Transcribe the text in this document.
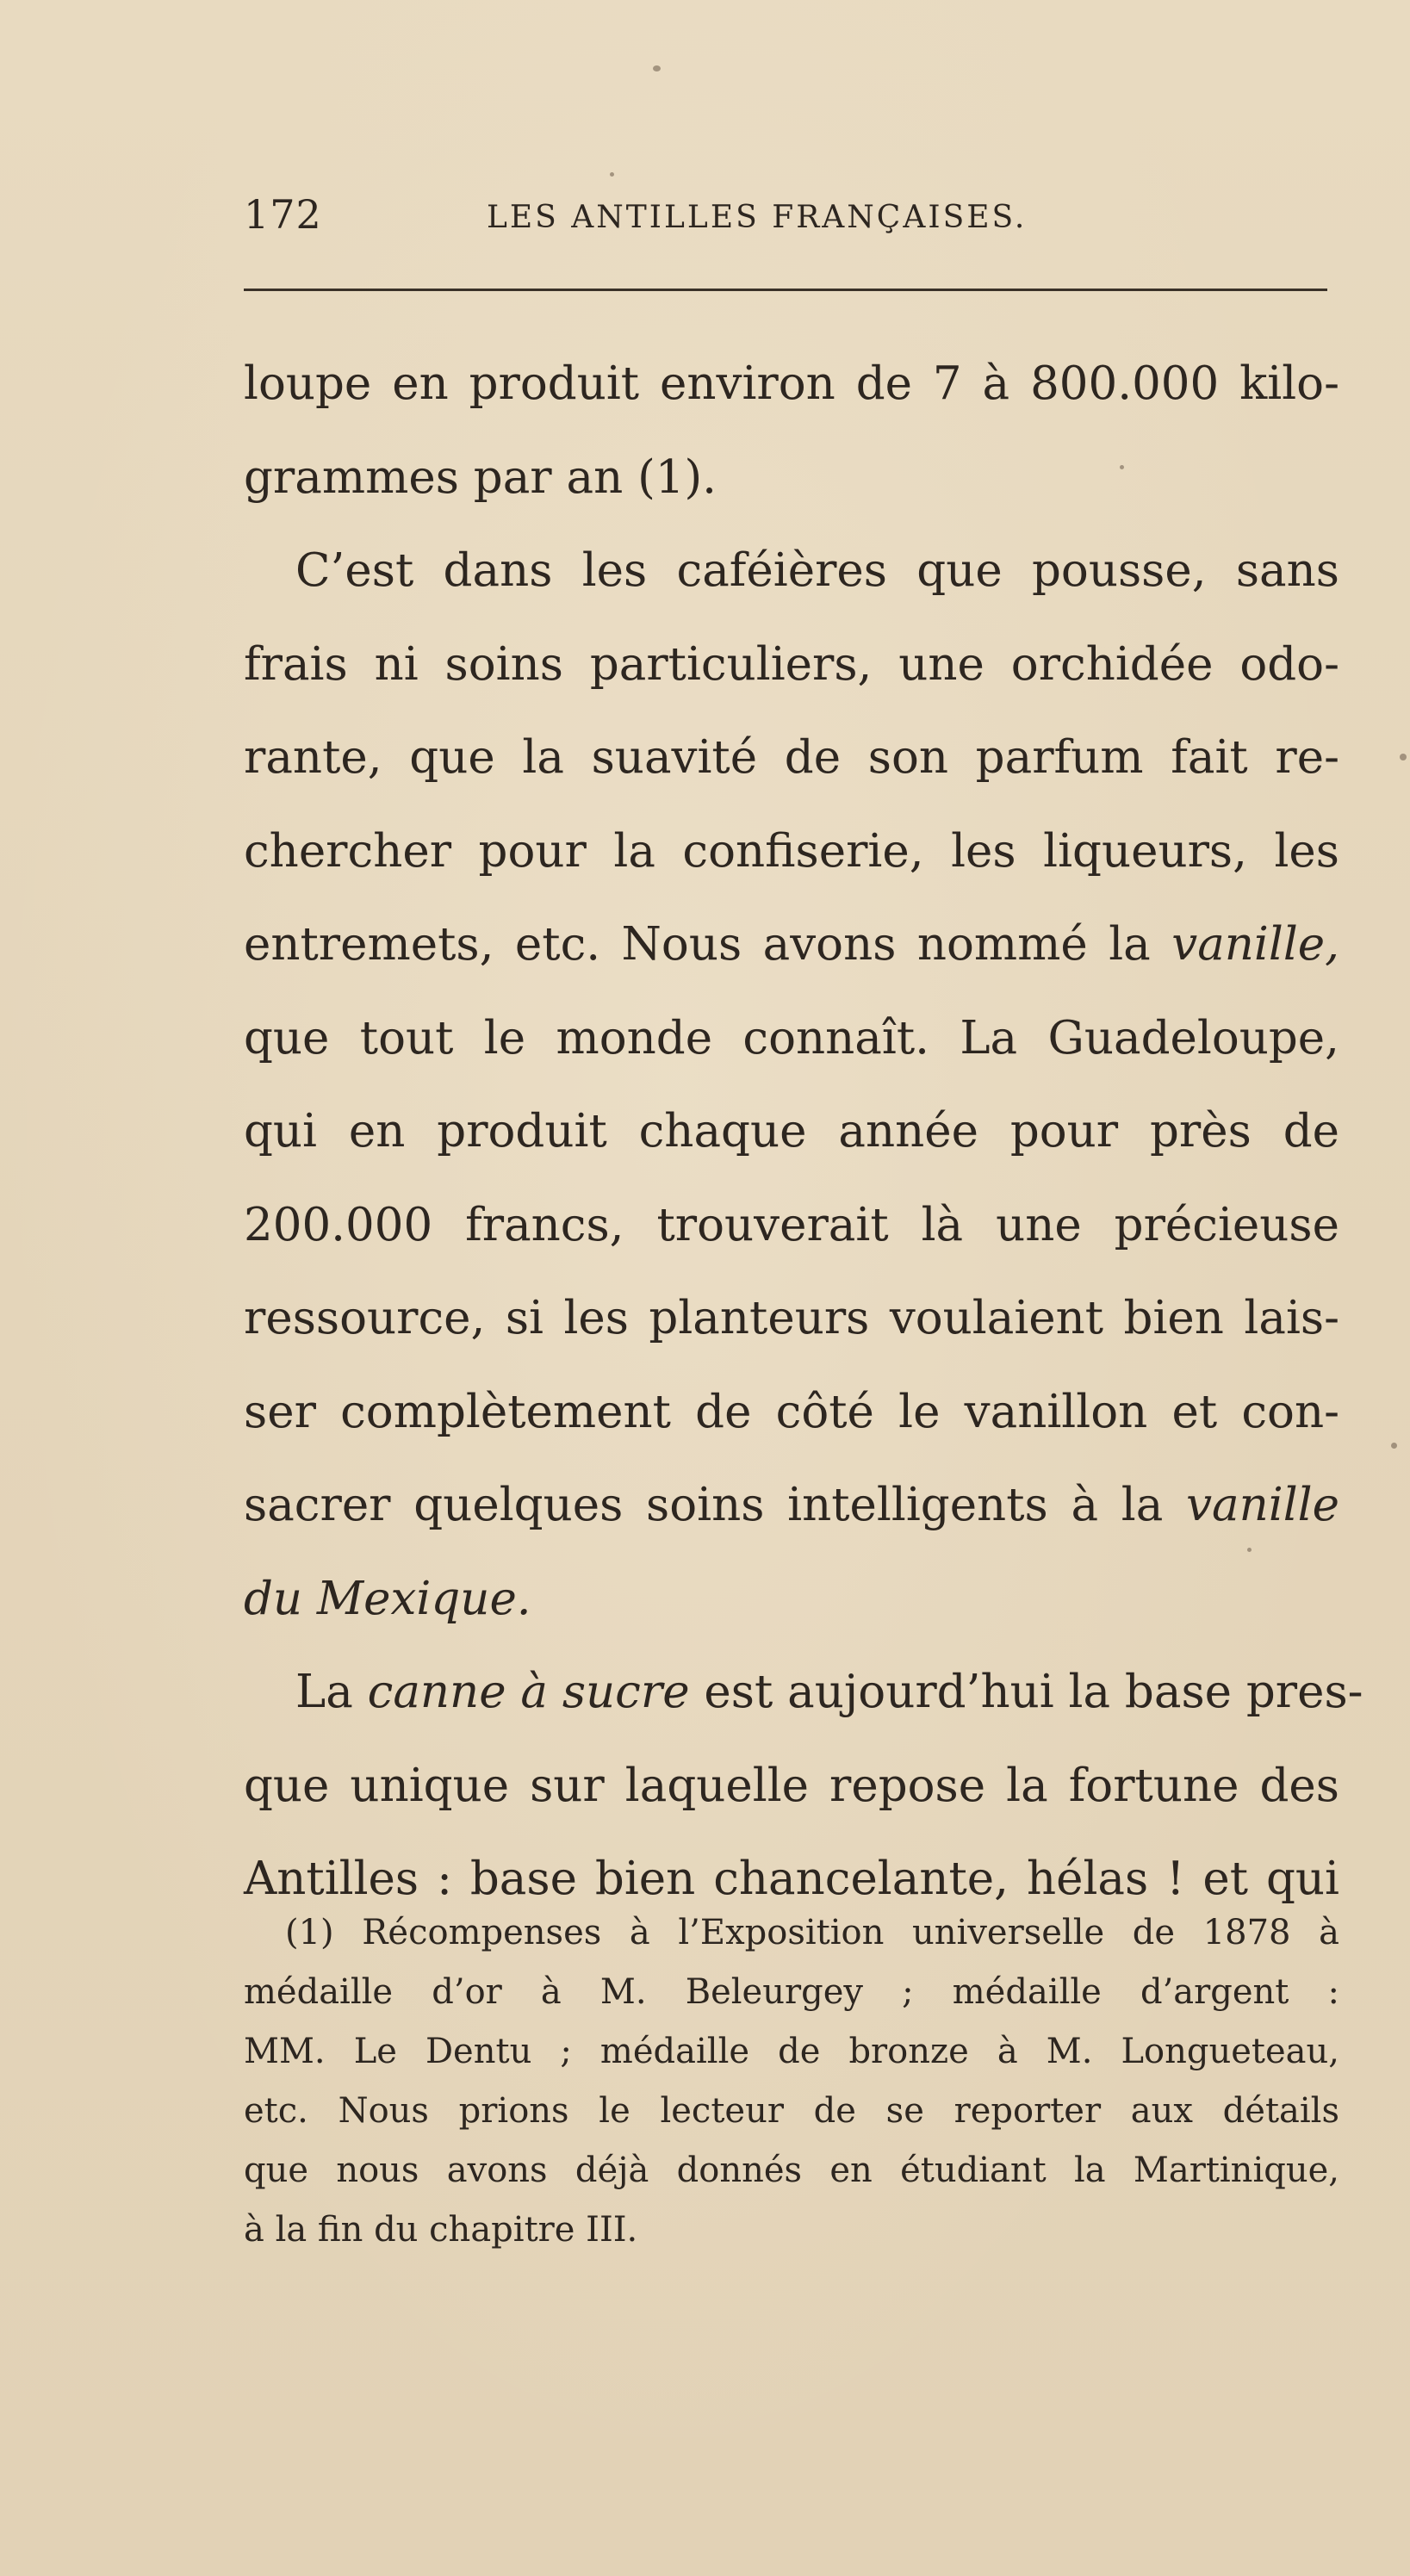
172	LES ANTILLES FRANÇAISES.
loupe en produit environ de 7 à 800.000 kilo-
grammes par an (1).
C’est dans les caféières que pousse, sans
frais ni soins particuliers, une orchidée odo-
rante, que la suavité de son parfum fait re-
chercher pour la confiserie, les liqueurs, les
entremets, etc. Nous avons nommé la vanille,
que tout le monde connaît. La Guadeloupe,
qui en produit chaque année pour près de
200.000 francs, trouverait là une précieuse
ressource, si les planteurs voulaient bien lais-
ser complètement de côté le vanillon et con-
sacrer quelques soins intelligents à la vanille
du Mexique.
La canne à sucre est aujourd’hui la base pres-
que unique sur laquelle repose la fortune des
Antilles : base bien chancelante, hélas ! et qui
(1) Récompenses à l’Exposition universelle de 1878 à
médaille d’or à M. Beleurgey ; médaille d’argent :
MM. Le Dentu ; médaille de bronze à M. Longueteau,
etc. Nous prions le lecteur de se reporter aux détails
que nous avons déjà donnés en étudiant la Martinique,
à la fin du chapitre III.
